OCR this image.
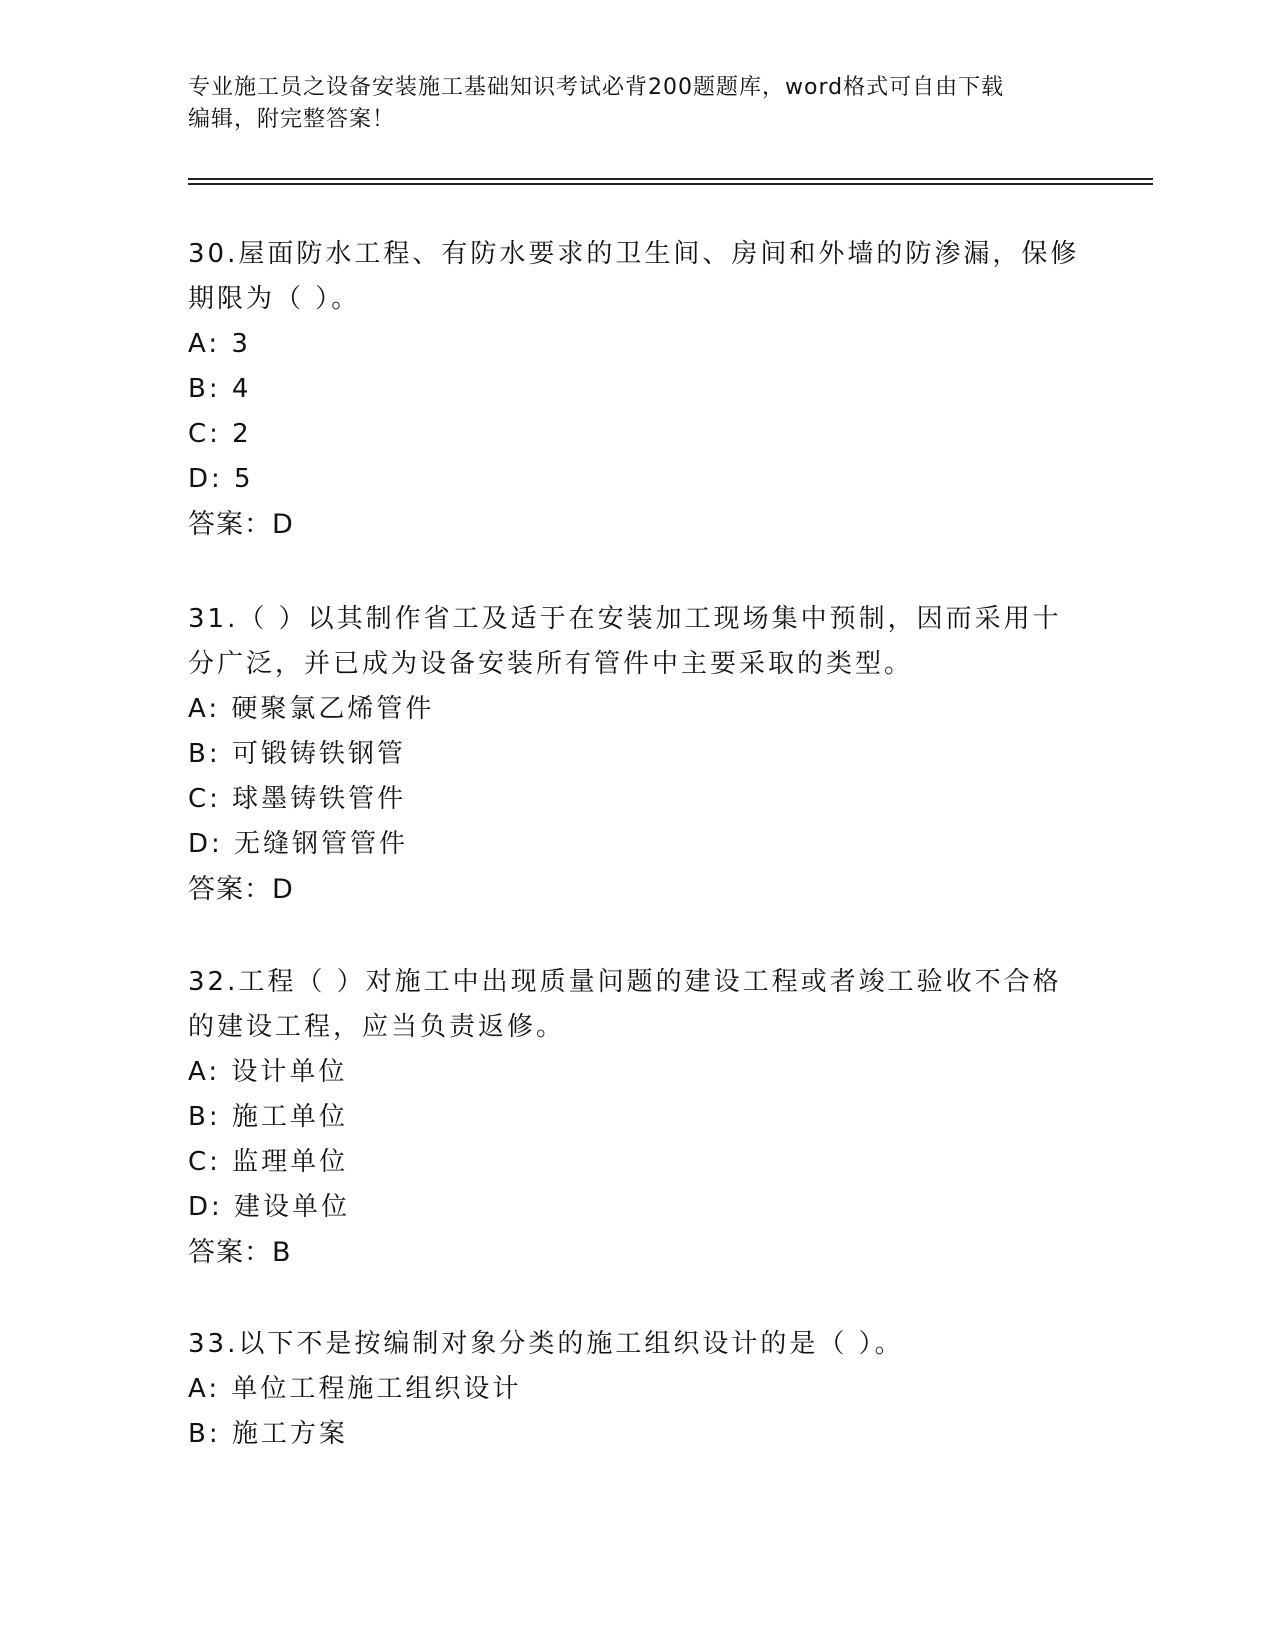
专业施工员之设备安装施工基础知识考试必背200题题库，word格式可自由下载
编辑，附完整答案！
30.屋面防水工程、有防水要求的卫生间、房间和外墙的防渗漏，保修
期限为（ ）。
A: 3
B: 4
C: 2
D: 5
答案：D
31.（ ）以其制作省工及适于在安装加工现场集中预制，因而采用十
分广泛，并已成为设备安装所有管件中主要采取的类型。
A: 硬聚氯乙烯管件
B: 可锻铸铁钢管
C: 球墨铸铁管件
D: 无缝钢管管件
答案：D
32.工程（ ）对施工中出现质量问题的建设工程或者竣工验收不合格
的建设工程，应当负责返修。
A: 设计单位
B: 施工单位
C: 监理单位
D: 建设单位
答案：B
33.以下不是按编制对象分类的施工组织设计的是（ ）。
A: 单位工程施工组织设计
B: 施工方案
